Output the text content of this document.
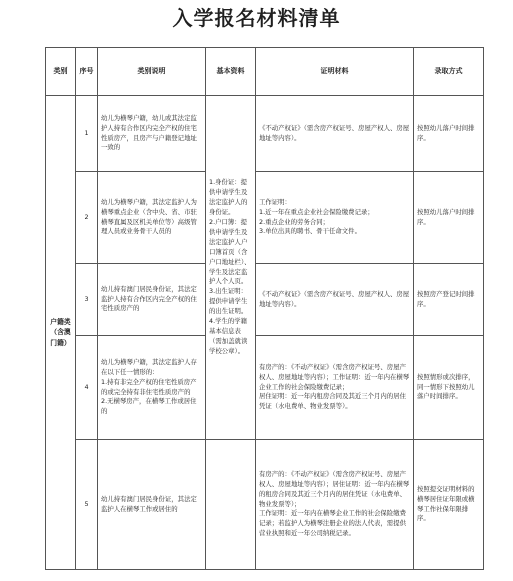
入学报名材料清单
类别	序号	类别说明	基本资料	证明材料	录取方式
户籍类（含澳门籍）	1	幼儿为横琴户籍，幼儿或其法定监护人持有合作区内完全产权的住宅性质房产，且房产与户籍登记地址一致的	1.身份证：提供申请学生及法定监护人的身份证。
2.户口簿：提供申请学生及法定监护人户口簿首页（含户口地址栏）、学生及法定监护人个人页。
3.出生证明：提供申请学生的出生证明。
4.学生的学籍基本信息表（需加盖就读学校公章）。	《不动产权证》（需含房产权证号、房屋产权人、房屋地址等内容）。	按照幼儿落户时间排序。
	2	幼儿为横琴户籍，其法定监护人为横琴重点企业（含中央、省、市驻横琴直属及区机关单位等）高级管理人员或业务骨干人员的		工作证明：
1.近一年在重点企业社会保险缴费记录；
2.重点企业的劳务合同；
3.单位出具的聘书、骨干任命文件。	按照幼儿落户时间排序。
	3	幼儿持有澳门居民身份证，其法定监护人持有合作区内完全产权的住宅性质房产的		《不动产权证》（需含房产权证号、房屋产权人、房屋地址等内容）。	按照房产登记时间排序。
	4	幼儿为横琴户籍，其法定监护人存在以下任一情形的：
1.持有非完全产权的住宅性质房产的或完全持有非住宅性质房产的
2.无横琴房产，在横琴工作或居住的		有房产的：《不动产权证》（需含房产权证号、房屋产权人、房屋地址等内容）；工作证明：近一年内在横琴企业工作的社会保险缴费记录；
居住证明：近一年内租房合同及其近三个月内的居住凭证（水电费单、物业发票等）。	按照情形或次排序，同一情形下按照幼儿落户时间排序。
	5	幼儿持有澳门居民身份证，其法定监护人在横琴工作或居住的		有房产的：《不动产权证》（需含房产权证号、房屋产权人、房屋地址等内容）；居住证明：近一年内在横琴的租房合同及其近三个月内的居住凭证（水电费单、物业发票等）；
工作证明：近一年内在横琴企业工作的社会保险缴费记录；若监护人为横琴注册企业的法人代表，需提供营业执照和近一年公司纳税记录。	按照提交证明材料的横琴居住证年限或横琴工作社保年限排序。
